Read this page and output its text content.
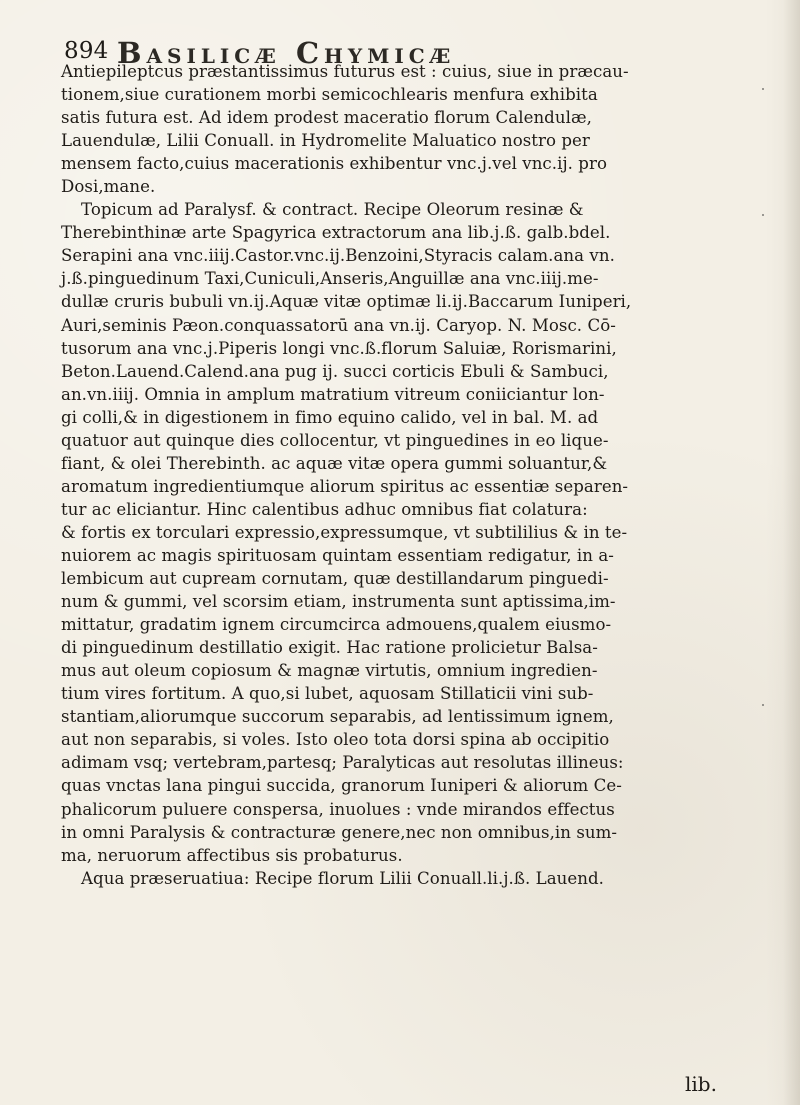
894 Basilicæ Chymicæ
Antiepileptcus præstantissimus futurus est : cuius, siue in præcau-
tionem,siue curationem morbi semicochlearis menfura exhibita
satis futura est. Ad idem prodest maceratio florum Calendulæ,
Lauendulæ, Lilii Conuall. in Hydromelite Maluatico nostro per
mensem facto,cuius macerationis exhibentur vnc.j.vel vnc.ij. pro
Dosi,mane.
Topicum ad Paralysf. & contract. Recipe Oleorum resinæ &
Therebinthinæ arte Spagyrica extractorum ana lib.j.ß. galb.bdel.
Serapini ana vnc.iiij.Castor.vnc.ij.Benzoini,Styracis calam.ana vn.
j.ß.pinguedinum Taxi,Cuniculi,Anseris,Anguillæ ana vnc.iiij.me-
dullæ cruris bubuli vn.ij.Aquæ vitæ optimæ li.ij.Baccarum Iuniperi,
Auri,seminis Pæon.conquassatorū ana vn.ij. Caryop. N. Mosc. Cō-
tusorum ana vnc.j.Piperis longi vnc.ß.florum Saluiæ, Rorismarini,
Beton.Lauend.Calend.ana pug ij. succi corticis Ebuli & Sambuci,
an.vn.iiij. Omnia in amplum matratium vitreum coniiciantur lon-
gi colli,& in digestionem in fimo equino calido, vel in bal. M. ad
quatuor aut quinque dies collocentur, vt pinguedines in eo lique-
fiant, & olei Therebinth. ac aquæ vitæ opera gummi soluantur,&
aromatum ingredientiumque aliorum spiritus ac essentiæ separen-
tur ac eliciantur. Hinc calentibus adhuc omnibus fiat colatura:
& fortis ex torculari expressio,expressumque, vt subtililius & in te-
nuiorem ac magis spirituosam quintam essentiam redigatur, in a-
lembicum aut cupream cornutam, quæ destillandarum pinguedi-
num & gummi, vel scorsim etiam, instrumenta sunt aptissima,im-
mittatur, gradatim ignem circumcirca admouens,qualem eiusmo-
di pinguedinum destillatio exigit. Hac ratione prolicietur Balsa-
mus aut oleum copiosum & magnæ virtutis, omnium ingredien-
tium vires fortitum. A quo,si lubet, aquosam Stillaticii vini sub-
stantiam,aliorumque succorum separabis, ad lentissimum ignem,
aut non separabis, si voles. Isto oleo tota dorsi spina ab occipitio
adimam vsq; vertebram,partesq; Paralyticas aut resolutas illineus:
quas vnctas lana pingui succida, granorum Iuniperi & aliorum Ce-
phalicorum puluere conspersa, inuolues : vnde mirandos effectus
in omni Paralysis & contracturæ genere,nec non omnibus,in sum-
ma, neruorum affectibus sis probaturus.
Aqua præseruatiua: Recipe florum Lilii Conuall.li.j.ß. Lauend.
lib.
